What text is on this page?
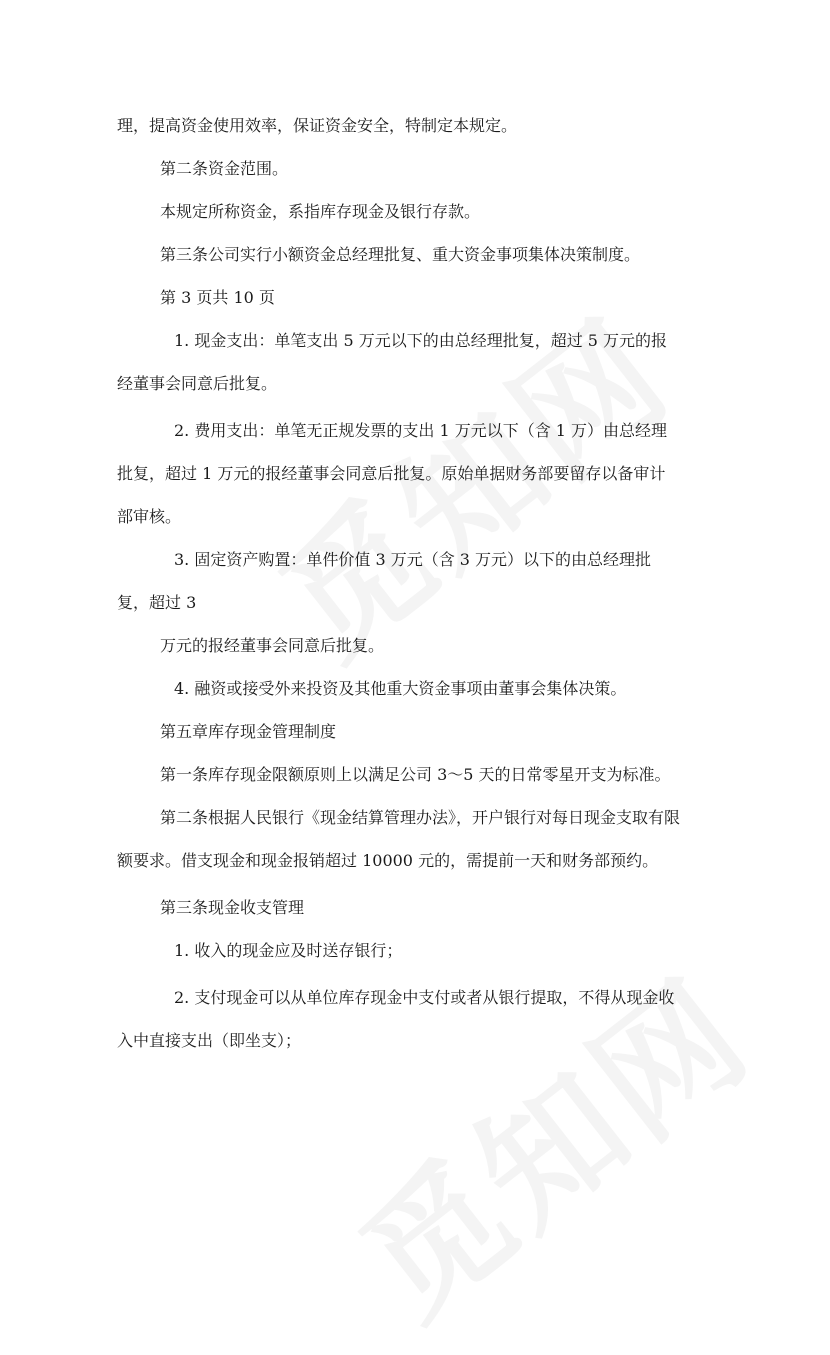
理，提高资金使用效率，保证资金安全，特制定本规定。
第二条资金范围。
本规定所称资金，系指库存现金及银行存款。
第三条公司实行小额资金总经理批复、重大资金事项集体决策制度。
第 3 页共 10 页
1. 现金支出：单笔支出 5 万元以下的由总经理批复，超过 5 万元的报
经董事会同意后批复。
2. 费用支出：单笔无正规发票的支出 1 万元以下（含 1 万）由总经理
批复，超过 1 万元的报经董事会同意后批复。原始单据财务部要留存以备审计
部审核。
3. 固定资产购置：单件价值 3 万元（含 3 万元）以下的由总经理批
复，超过 3
万元的报经董事会同意后批复。
4. 融资或接受外来投资及其他重大资金事项由董事会集体决策。
第五章库存现金管理制度
第一条库存现金限额原则上以满足公司 3～5 天的日常零星开支为标准。
第二条根据人民银行《现金结算管理办法》，开户银行对每日现金支取有限
额要求。借支现金和现金报销超过 10000 元的，需提前一天和财务部预约。
第三条现金收支管理
1. 收入的现金应及时送存银行；
2. 支付现金可以从单位库存现金中支付或者从银行提取，不得从现金收
入中直接支出（即坐支）；
